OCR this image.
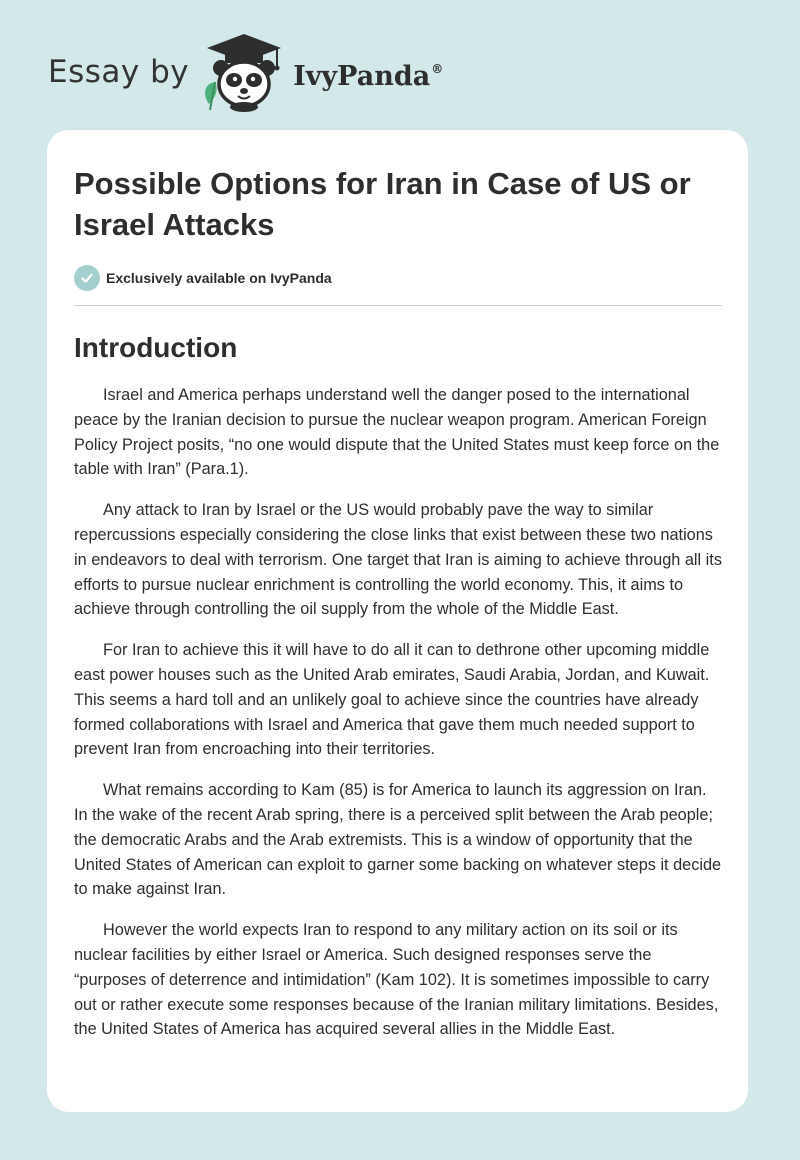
Essay by	IvyPanda®
Possible Options for Iran in Case of US or Israel Attacks
Exclusively available on IvyPanda
Introduction

Israel and America perhaps understand well the danger posed to the international peace by the Iranian decision to pursue the nuclear weapon program. American Foreign Policy Project posits, “no one would dispute that the United States must keep force on the table with Iran” (Para.1).

Any attack to Iran by Israel or the US would probably pave the way to similar repercussions especially considering the close links that exist between these two nations in endeavors to deal with terrorism. One target that Iran is aiming to achieve through all its efforts to pursue nuclear enrichment is controlling the world economy. This, it aims to achieve through controlling the oil supply from the whole of the Middle East.

For Iran to achieve this it will have to do all it can to dethrone other upcoming middle east power houses such as the United Arab emirates, Saudi Arabia, Jordan, and Kuwait. This seems a hard toll and an unlikely goal to achieve since the countries have already formed collaborations with Israel and America that gave them much needed support to prevent Iran from encroaching into their territories.

What remains according to Kam (85) is for America to launch its aggression on Iran. In the wake of the recent Arab spring, there is a perceived split between the Arab people; the democratic Arabs and the Arab extremists. This is a window of opportunity that the United States of American can exploit to garner some backing on whatever steps it decide to make against Iran.

However the world expects Iran to respond to any military action on its soil or its nuclear facilities by either Israel or America. Such designed responses serve the “purposes of deterrence and intimidation” (Kam 102). It is sometimes impossible to carry out or rather execute some responses because of the Iranian military limitations. Besides, the United States of America has acquired several allies in the Middle East.
